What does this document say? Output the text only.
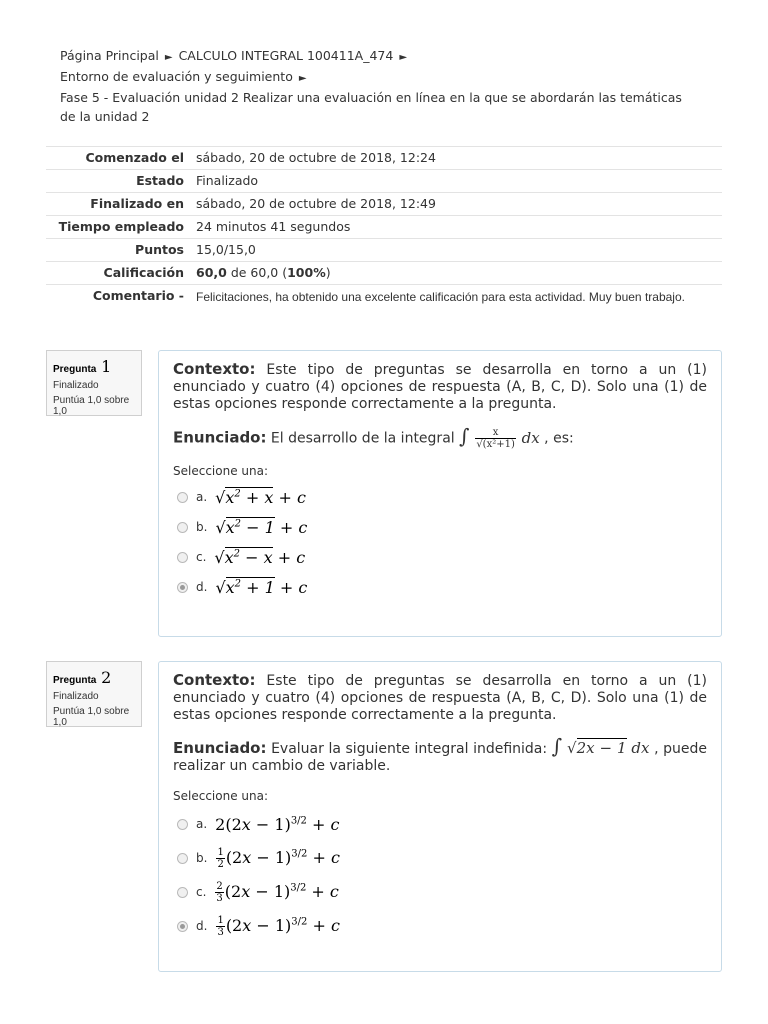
Página Principal ► CALCULO INTEGRAL 100411A_474 ►
Entorno de evaluación y seguimiento ►
Fase 5 - Evaluación unidad 2 Realizar una evaluación en línea en la que se abordarán las temáticas de la unidad 2
Comenzado el	sábado, 20 de octubre de 2018, 12:24
Estado	Finalizado
Finalizado en	sábado, 20 de octubre de 2018, 12:49
Tiempo empleado	24 minutos 41 segundos
Puntos	15,0/15,0
Calificación	60,0 de 60,0 (100%)
Comentario -	Felicitaciones, ha obtenido una excelente calificación para esta actividad. Muy buen trabajo.
Pregunta 1
Finalizado
Puntúa 1,0 sobre 1,0
Contexto: Este tipo de preguntas se desarrolla en torno a un (1) enunciado y cuatro (4) opciones de respuesta (A, B, C, D). Solo una (1) de estas opciones responde correctamente a la pregunta.
Enunciado: El desarrollo de la integral ∫ $\frac{x}{\text{√(x²+1)}}$ dx , es:
Seleccione una:
a. $√x^2 + x + c$
b. $√x^2 - 1 + c$
c. $√x^2 - x + c$
d. $√x^2 + 1 + c$
Pregunta 2
Finalizado
Puntúa 1,0 sobre 1,0
Contexto: Este tipo de preguntas se desarrolla en torno a un (1) enunciado y cuatro (4) opciones de respuesta (A, B, C, D). Solo una (1) de estas opciones responde correctamente a la pregunta.
Enunciado: Evaluar la siguiente integral indefinida: ∫ √2x − 1 dx , puede realizar un cambio de variable.
Seleccione una:
a. $2(2x - 1)^{3/2} + c$
b. $\frac{1}{2} (2x - 1)^{3/2} + c$
c. $\frac{2}{3} (2x - 1)^{3/2} + c$
d. $\frac{1}{3} (2x - 1)^{3/2} + c$
